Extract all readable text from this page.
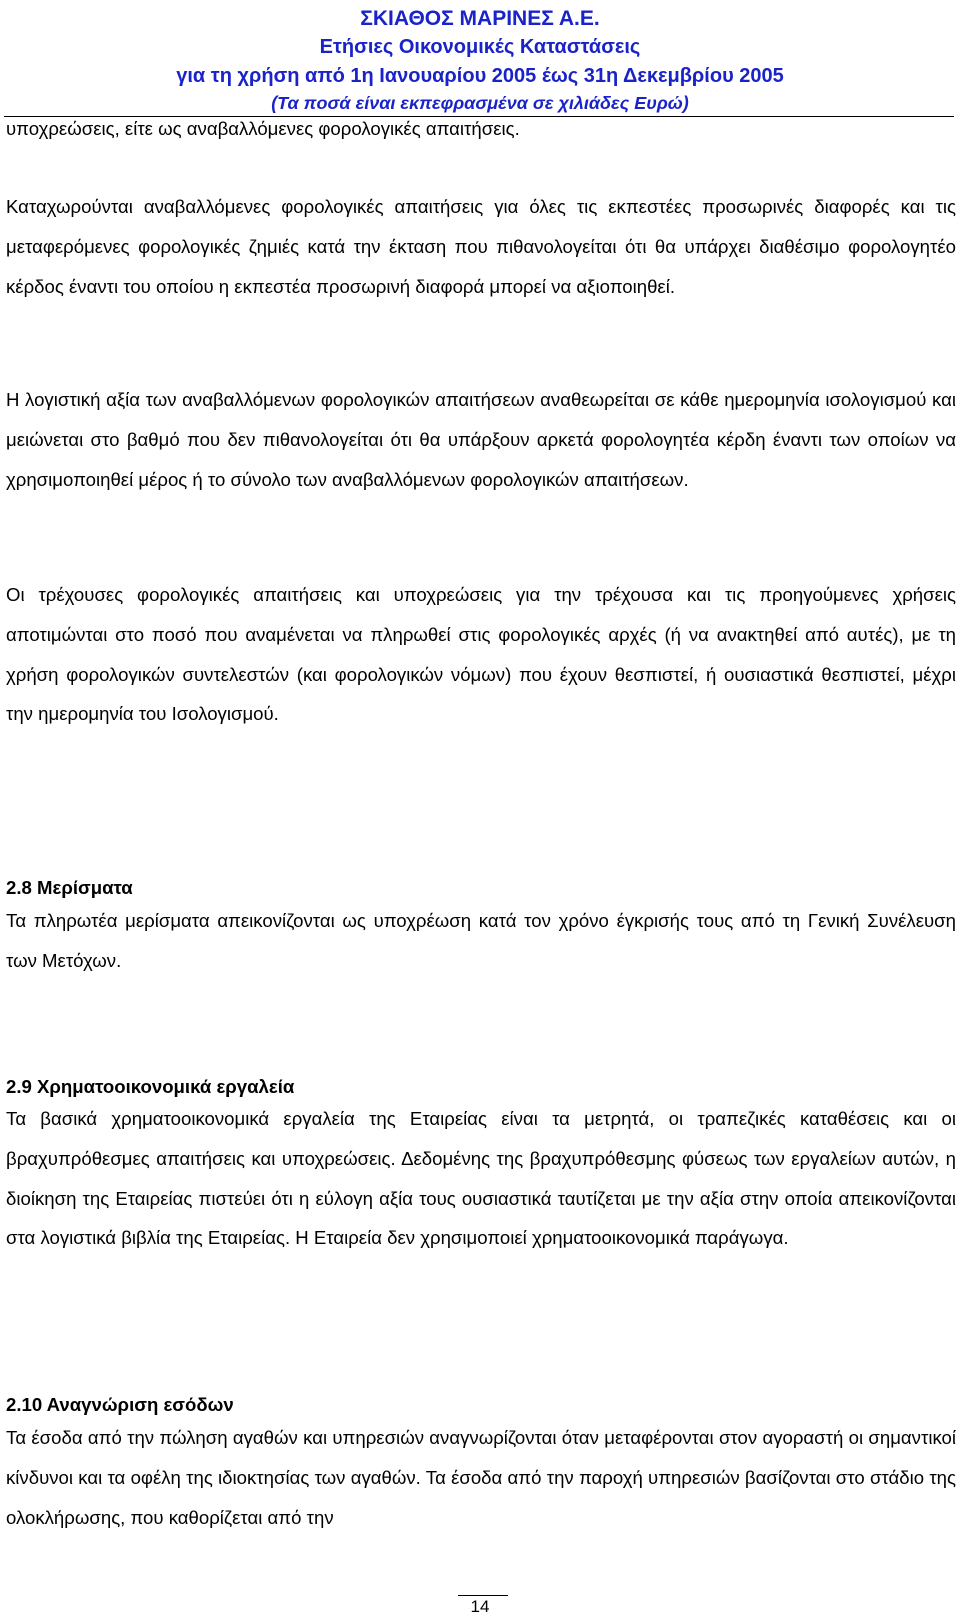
ΣΚΙΑΘΟΣ ΜΑΡΙΝΕΣ Α.Ε.
Ετήσιες Οικονομικές Καταστάσεις
για τη χρήση από 1η Ιανουαρίου 2005 έως 31η Δεκεμβρίου 2005
(Τα ποσά είναι εκπεφρασμένα σε χιλιάδες Ευρώ)

υποχρεώσεις, είτε ως αναβαλλόμενες φορολογικές απαιτήσεις.

Καταχωρούνται αναβαλλόμενες φορολογικές απαιτήσεις για όλες τις εκπεστέες προσωρινές διαφορές και τις μεταφερόμενες φορολογικές ζημιές κατά την έκταση που πιθανολογείται ότι θα υπάρχει διαθέσιμο φορολογητέο κέρδος έναντι του οποίου η εκπεστέα προσωρινή διαφορά μπορεί να αξιοποιηθεί.

Η λογιστική αξία των αναβαλλόμενων φορολογικών απαιτήσεων αναθεωρείται σε κάθε ημερομηνία ισολογισμού και μειώνεται στο βαθμό που δεν πιθανολογείται ότι θα υπάρξουν αρκετά φορολογητέα κέρδη έναντι των οποίων να χρησιμοποιηθεί μέρος ή το σύνολο των αναβαλλόμενων φορολογικών απαιτήσεων.

Οι τρέχουσες φορολογικές απαιτήσεις και υποχρεώσεις για την τρέχουσα και τις προηγούμενες χρήσεις αποτιμώνται στο ποσό που αναμένεται να πληρωθεί στις φορολογικές αρχές (ή να ανακτηθεί από αυτές), με τη χρήση φορολογικών συντελεστών (και φορολογικών νόμων) που έχουν θεσπιστεί, ή ουσιαστικά θεσπιστεί, μέχρι την ημερομηνία του Ισολογισμού.

2.8 Μερίσματα

Τα πληρωτέα μερίσματα απεικονίζονται ως υποχρέωση κατά τον χρόνο έγκρισής τους από τη Γενική Συνέλευση των Μετόχων.

2.9 Χρηματοοικονομικά εργαλεία

Τα βασικά χρηματοοικονομικά εργαλεία της Εταιρείας είναι τα μετρητά, οι τραπεζικές καταθέσεις και οι βραχυπρόθεσμες απαιτήσεις και υποχρεώσεις. Δεδομένης της βραχυπρόθεσμης φύσεως των εργαλείων αυτών, η διοίκηση της Εταιρείας πιστεύει ότι η εύλογη αξία τους ουσιαστικά ταυτίζεται με την αξία στην οποία απεικονίζονται στα λογιστικά βιβλία της Εταιρείας. Η Εταιρεία δεν χρησιμοποιεί χρηματοοικονομικά παράγωγα.

2.10 Αναγνώριση εσόδων

Τα έσοδα από την πώληση αγαθών και υπηρεσιών αναγνωρίζονται όταν μεταφέρονται στον αγοραστή οι σημαντικοί κίνδυνοι και τα οφέλη της ιδιοκτησίας των αγαθών. Τα έσοδα από την παροχή υπηρεσιών βασίζονται στο στάδιο της ολοκλήρωσης, που καθορίζεται από την

14
